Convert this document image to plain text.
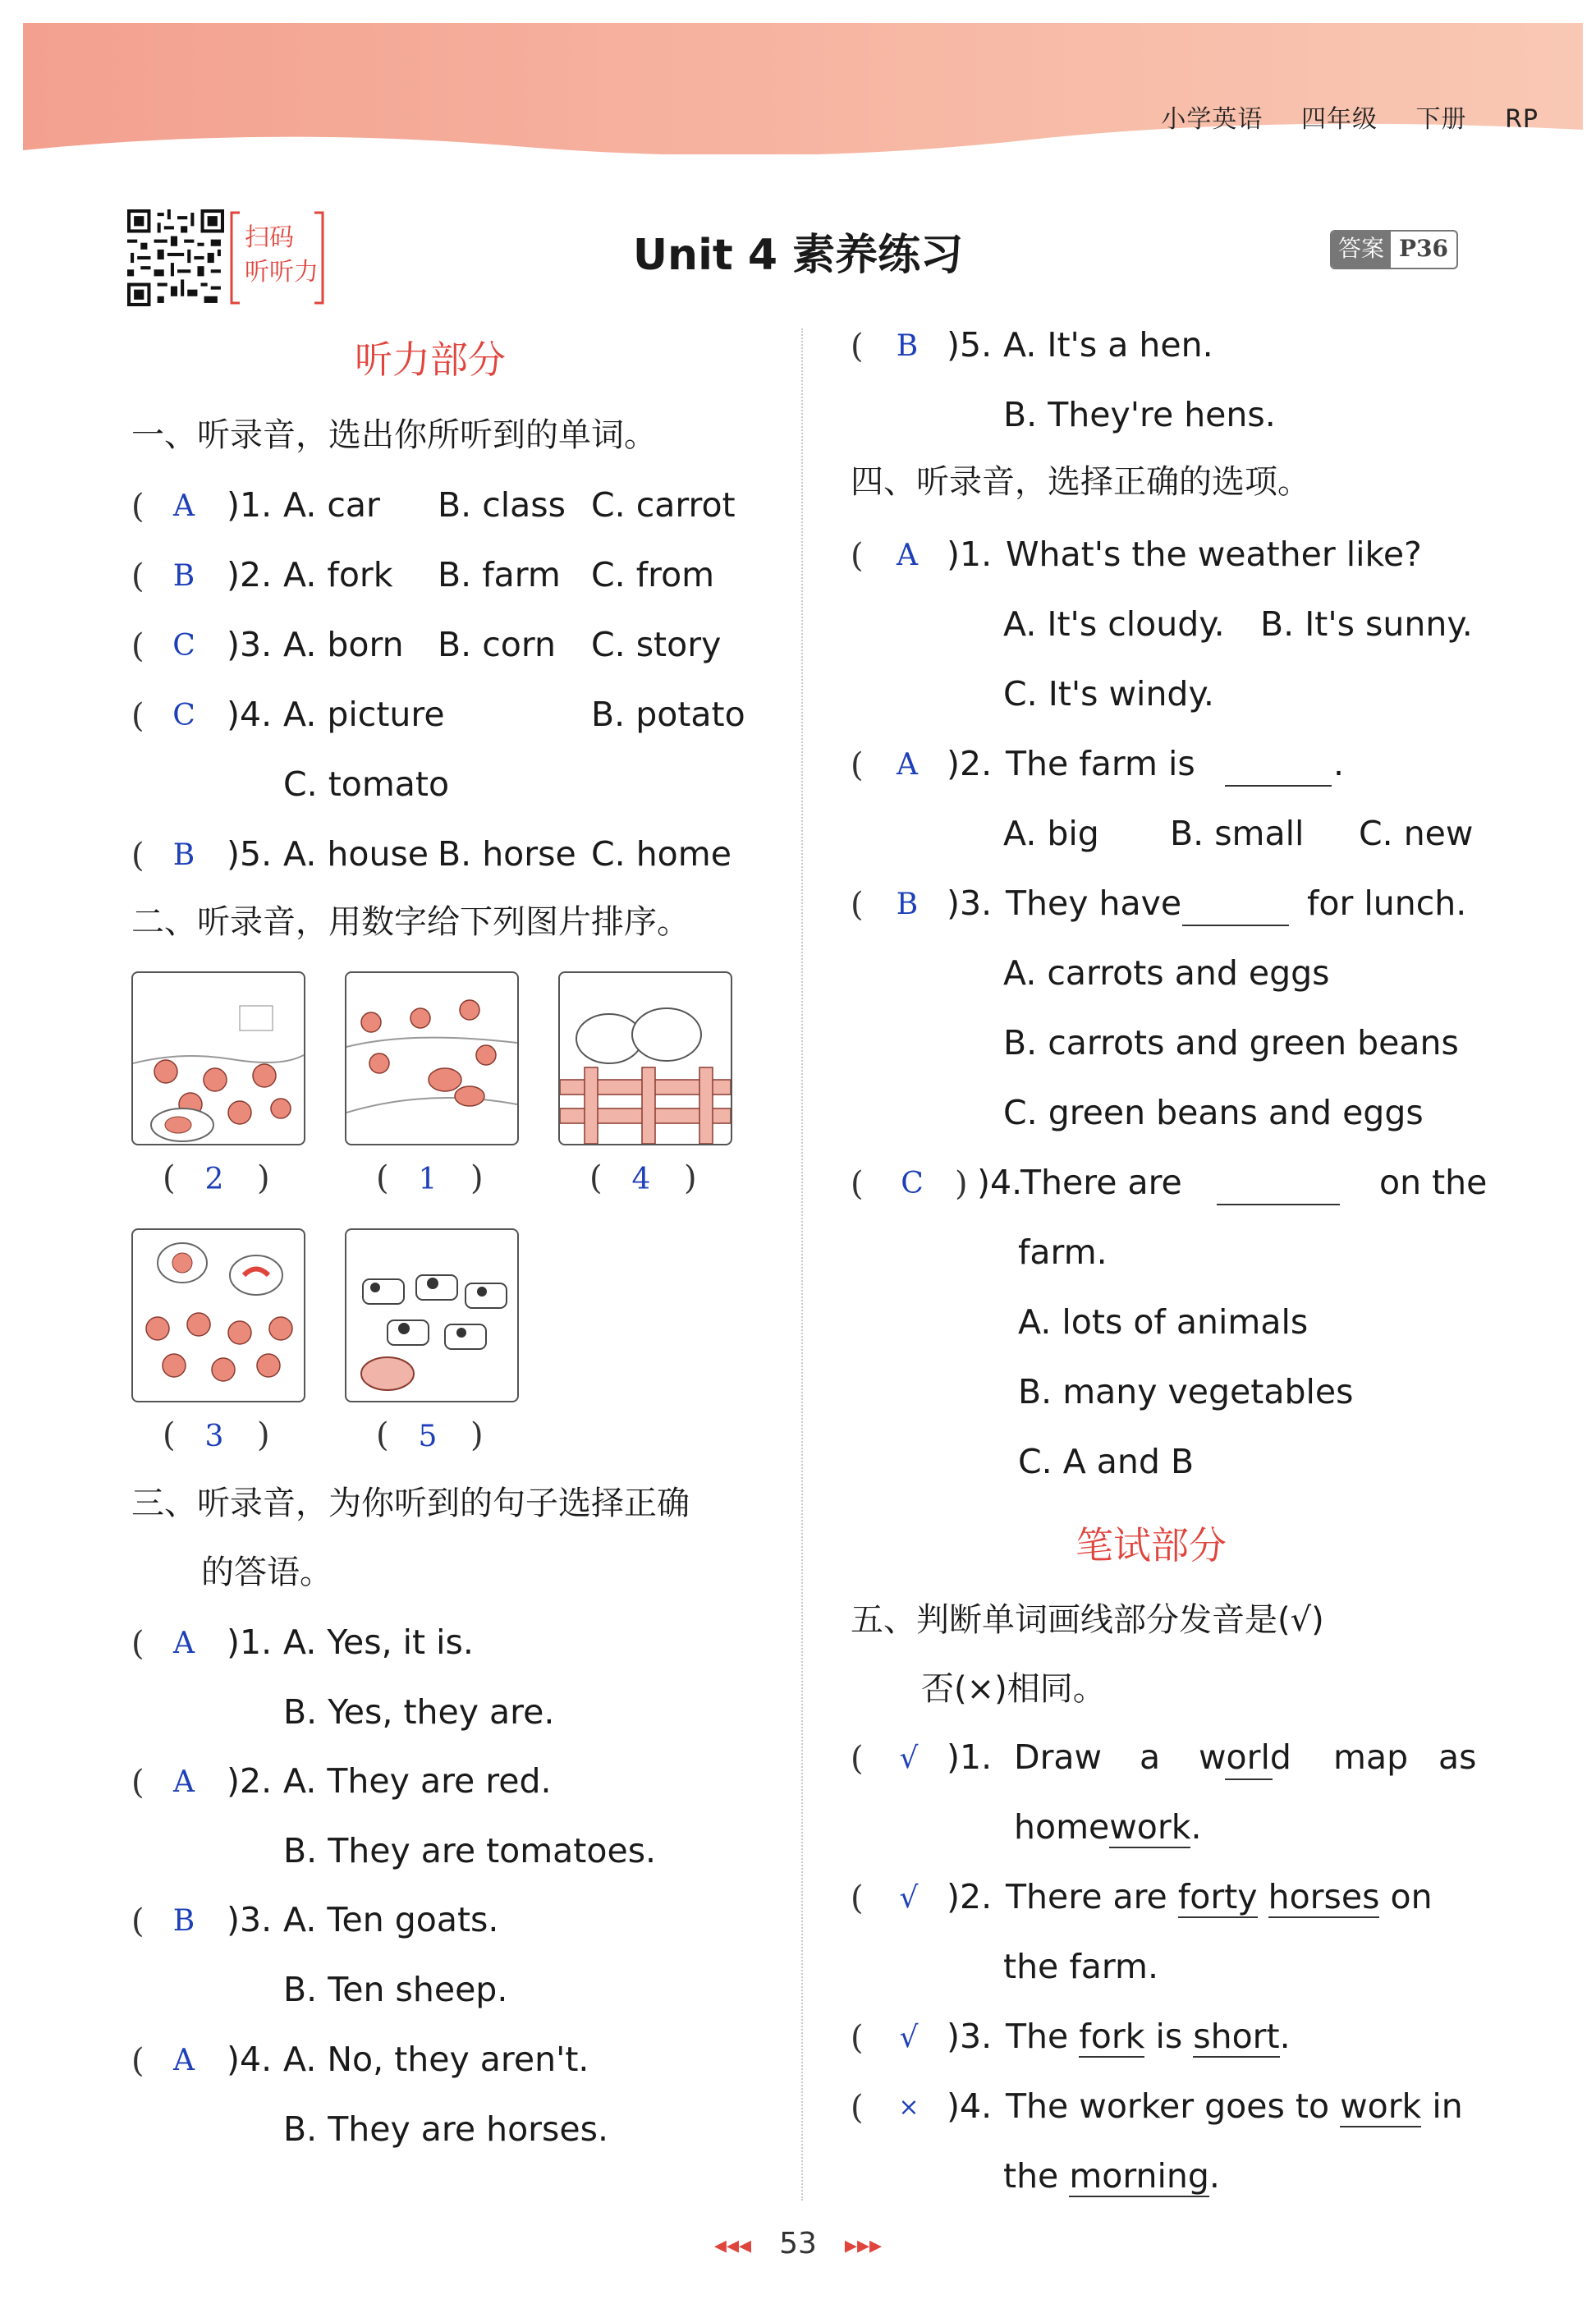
小学英语 四年级 下册 RP
扫码
听听力	Unit 4 素养练习	答案 P36
听力部分
一、听录音，选出你所听到的单词。
( A )1. A. car B. class C. carrot
( B )2. A. fork B. farm C. from
( C )3. A. born B. corn C. story
( C )4. A. picture	B. potato
C. tomato
( B )5. A. house B. horse C. home
二、听录音，用数字给下列图片排序。
( 2 )	( 1 )	( 4 )
( 3 )	( 5 )
三、听录音，为你听到的句子选择正确
的答语。
( A )1. A. Yes, it is.
B. Yes, they are.
( A )2. A. They are red.
B. They are tomatoes.
( B )3. A. Ten goats.
B. Ten sheep.
( A )4. A. No, they aren't.
B. They are horses.
( B )5. A. It's a hen.
B. They're hens.
四、听录音，选择正确的选项。
( A )1. What's the weather like?
A. It's cloudy. B. It's sunny.
C. It's windy.
( A )2. The farm is	.
A. big B. small C. new
( B )3. They have	for lunch.
A. carrots and eggs
B. carrots and green beans
C. green beans and eggs
( C ) )4.
There are	on the
farm.
A. lots of animals
B. many vegetables
C. A and B
笔试部分
五、判断单词画线部分发音是(√)
否(×)相同。
( √ )1. Draw a world map as
homework.
( √ )2. There are forty horses on
the farm.
( √ )3. The fork is short.
( × )4. The worker goes to work in
the morning.
◂◂◂ 53 ▸▸▸
